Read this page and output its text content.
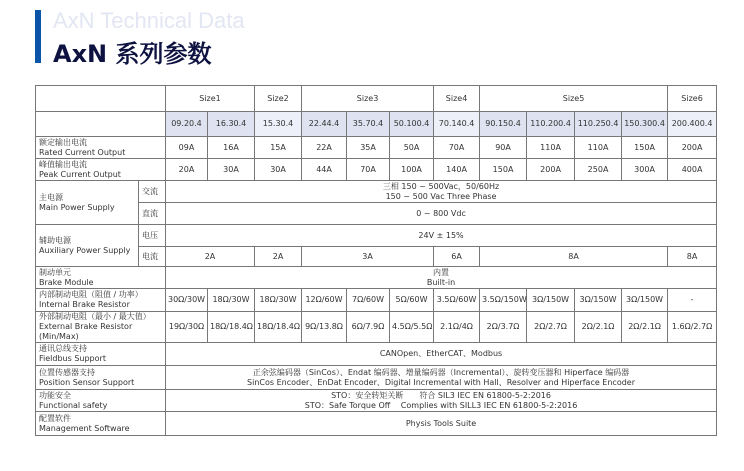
AxN Technical Data
AxN 系列参数
		Size1		Size2	Size3			Size4	Size5				Size6
		09.20.4	16.30.4	15.30.4	22.44.4	35.70.4	50.100.4	70.140.4	90.150.4	110.200.4	110.250.4	150.300.4	200.400.4
额定输出电流
Rated Current Output		09A	16A	15A	22A	35A	50A	70A	90A	110A	110A	150A	200A
峰值输出电流
Peak Current Output		20A	30A	30A	44A	70A	100A	140A	150A	200A	250A	300A	400A
主电源
Main Power Supply	交流	三相 150 ~ 500Vac，50/60Hz
150 ~ 500 Vac Three Phase											
	直流	0 ~ 800 Vdc											
辅助电源
Auxiliary Power Supply	电压	24V ± 15%											
	电流	2A		2A	3A			6A	8A				8A
制动单元
Brake Module		内置
Built-in											
内部制动电阻（阻值 / 功率）
Internal Brake Resistor		30Ω/30W	18Ω/30W	18Ω/30W	12Ω/60W	7Ω/60W	5Ω/60W	3.5Ω/60W	3.5Ω/150W	3Ω/150W	3Ω/150W	3Ω/150W	-
外部制动电阻（最小 / 最大值）
External Brake Resistor
(Min/Max)		19Ω/30Ω	18Ω/18.4Ω	18Ω/18.4Ω	9Ω/13.8Ω	6Ω/7.9Ω	4.5Ω/5.5Ω	2.1Ω/4Ω	2Ω/3.7Ω	2Ω/2.7Ω	2Ω/2.1Ω	2Ω/2.1Ω	1.6Ω/2.7Ω
通讯总线支持
Fieldbus Support		CANOpen、EtherCAT、Modbus											
位置传感器支持
Position Sensor Support		正余弦编码器（SinCos）、Endat 编码器、增量编码器（Incremental）、旋转变压器和 Hiperface 编码器
SinCos Encoder、EnDat Encoder、Digital Incremental with Hall、Resolver and Hiperface Encoder											
功能安全
Functional safety		STO：安全转矩关断　　符合 SIL3 IEC EN 61800-5-2:2016
STO：Safe Torque Off　 Complies with SILL3 IEC EN 61800-5-2:2016											
配置软件
Management Software		Physis Tools Suite											
